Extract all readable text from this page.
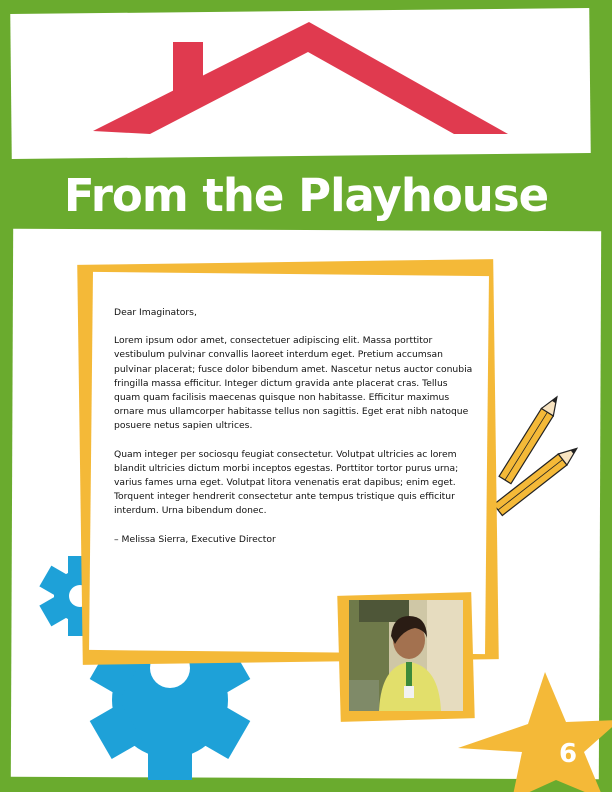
From the Playhouse

Dear Imaginators,

Lorem ipsum odor amet, consectetuer adipiscing elit. Massa porttitor vestibulum pulvinar convallis laoreet interdum eget. Pretium accumsan pulvinar placerat; fusce dolor bibendum amet. Nascetur netus auctor conubia fringilla massa efficitur. Integer dictum gravida ante placerat cras. Tellus quam quam facilisis maecenas quisque non habitasse. Efficitur maximus ornare mus ullamcorper habitasse tellus non sagittis. Eget erat nibh natoque posuere netus sapien ultrices.

Quam integer per sociosqu feugiat consectetur. Volutpat ultricies ac lorem blandit ultricies dictum morbi inceptos egestas. Porttitor tortor purus urna; varius fames urna eget. Volutpat litora venenatis erat dapibus; enim eget. Torquent integer hendrerit consectetur ante tempus tristique quis efficitur interdum. Urna bibendum donec.

– Melissa Sierra, Executive Director

6
